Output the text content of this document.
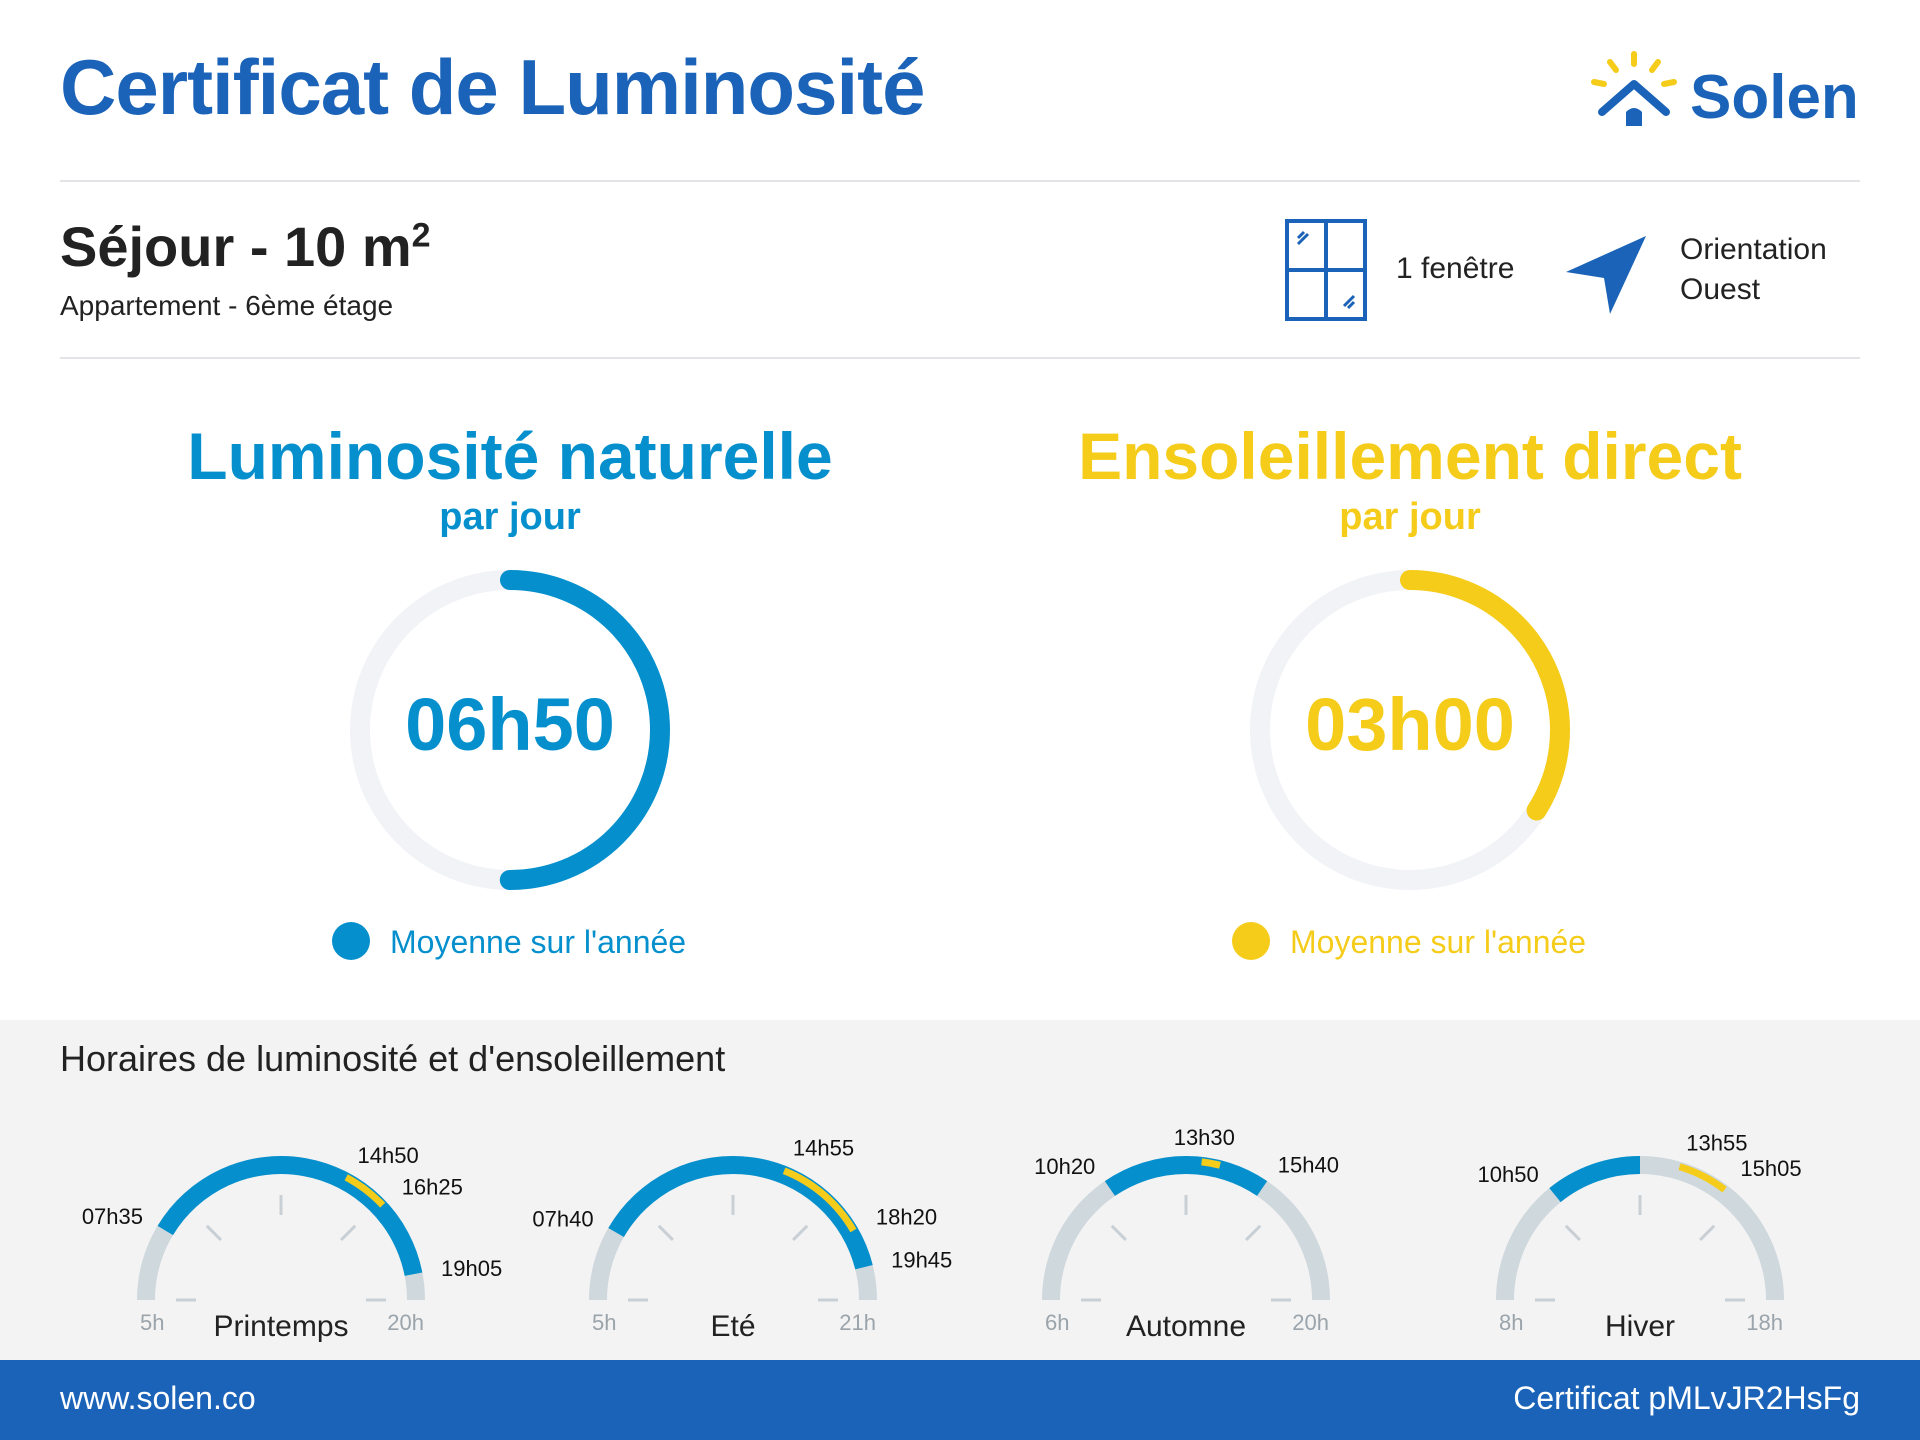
Certificat de Luminosité	Solen
Séjour - 10 $m^2$
Appartement - 6ème étage
1 fenêtre
Orientation
Ouest
Luminosité naturelle
par jour
06h50
Moyenne sur l'année
Ensoleillement direct
par jour
03h00
Moyenne sur l'année
Horaires de luminosité et d'ensoleillement
5h	20h
Printemps
07h35
19h05
14h50
16h25
5h	21h
Eté
07h40
19h45
14h55
18h20
6h	20h
Automne
10h20	15h40
13h30
8h	18h
Hiver
10h50
13h55
15h05
www.solen.co	Certificat pMLvJR2HsFg
